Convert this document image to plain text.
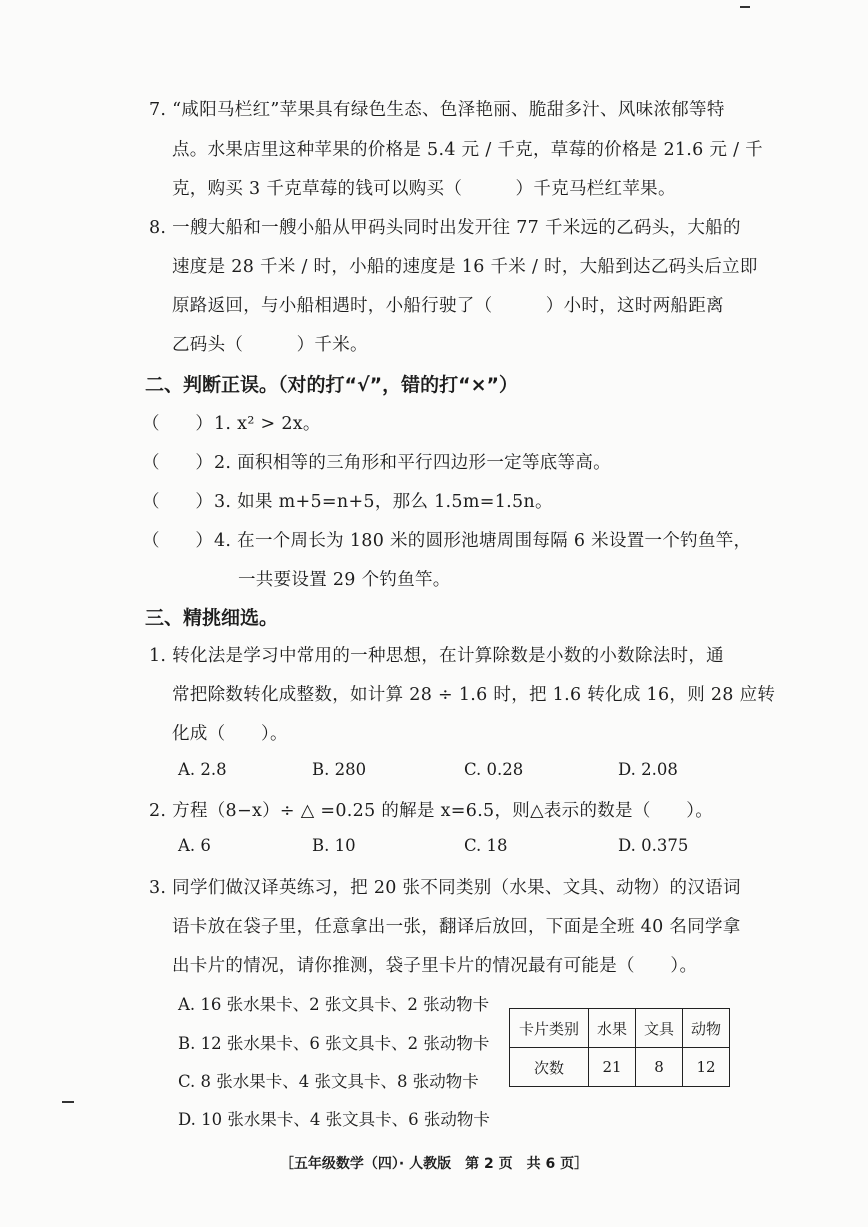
7. “咸阳马栏红”苹果具有绿色生态、色泽艳丽、脆甜多汁、风味浓郁等特
点。水果店里这种苹果的价格是 5.4 元 / 千克，草莓的价格是 21.6 元 / 千
克，购买 3 千克草莓的钱可以购买（　　　）千克马栏红苹果。
8. 一艘大船和一艘小船从甲码头同时出发开往 77 千米远的乙码头，大船的
速度是 28 千米 / 时，小船的速度是 16 千米 / 时，大船到达乙码头后立即
原路返回，与小船相遇时，小船行驶了（　　　）小时，这时两船距离
乙码头（　　　）千米。
二、判断正误。（对的打“√”，错的打“×”）
（　　） 1. x² > 2x。
（　　） 2. 面积相等的三角形和平行四边形一定等底等高。
（　　） 3. 如果 m+5=n+5，那么 1.5m=1.5n。
（　　） 4. 在一个周长为 180 米的圆形池塘周围每隔 6 米设置一个钓鱼竿，
一共要设置 29 个钓鱼竿。
三、精挑细选。
1. 转化法是学习中常用的一种思想，在计算除数是小数的小数除法时，通
常把除数转化成整数，如计算 28 ÷ 1.6 时，把 1.6 转化成 16，则 28 应转
化成（　　）。
A. 2.8	B. 280	C. 0.28	D. 2.08
2. 方程（8−x）÷ △ =0.25 的解是 x=6.5，则△表示的数是（　　）。
A. 6	B. 10	C. 18	D. 0.375
3. 同学们做汉译英练习，把 20 张不同类别（水果、文具、动物）的汉语词
语卡放在袋子里，任意拿出一张，翻译后放回，下面是全班 40 名同学拿
出卡片的情况，请你推测，袋子里卡片的情况最有可能是（　　）。
A. 16 张水果卡、2 张文具卡、2 张动物卡
B. 12 张水果卡、6 张文具卡、2 张动物卡
C. 8 张水果卡、4 张文具卡、8 张动物卡
D. 10 张水果卡、4 张文具卡、6 张动物卡
卡片类别	水果	文具	动物
次数	21	8	12
［五年级数学（四）· 人教版　第 2 页　共 6 页］
